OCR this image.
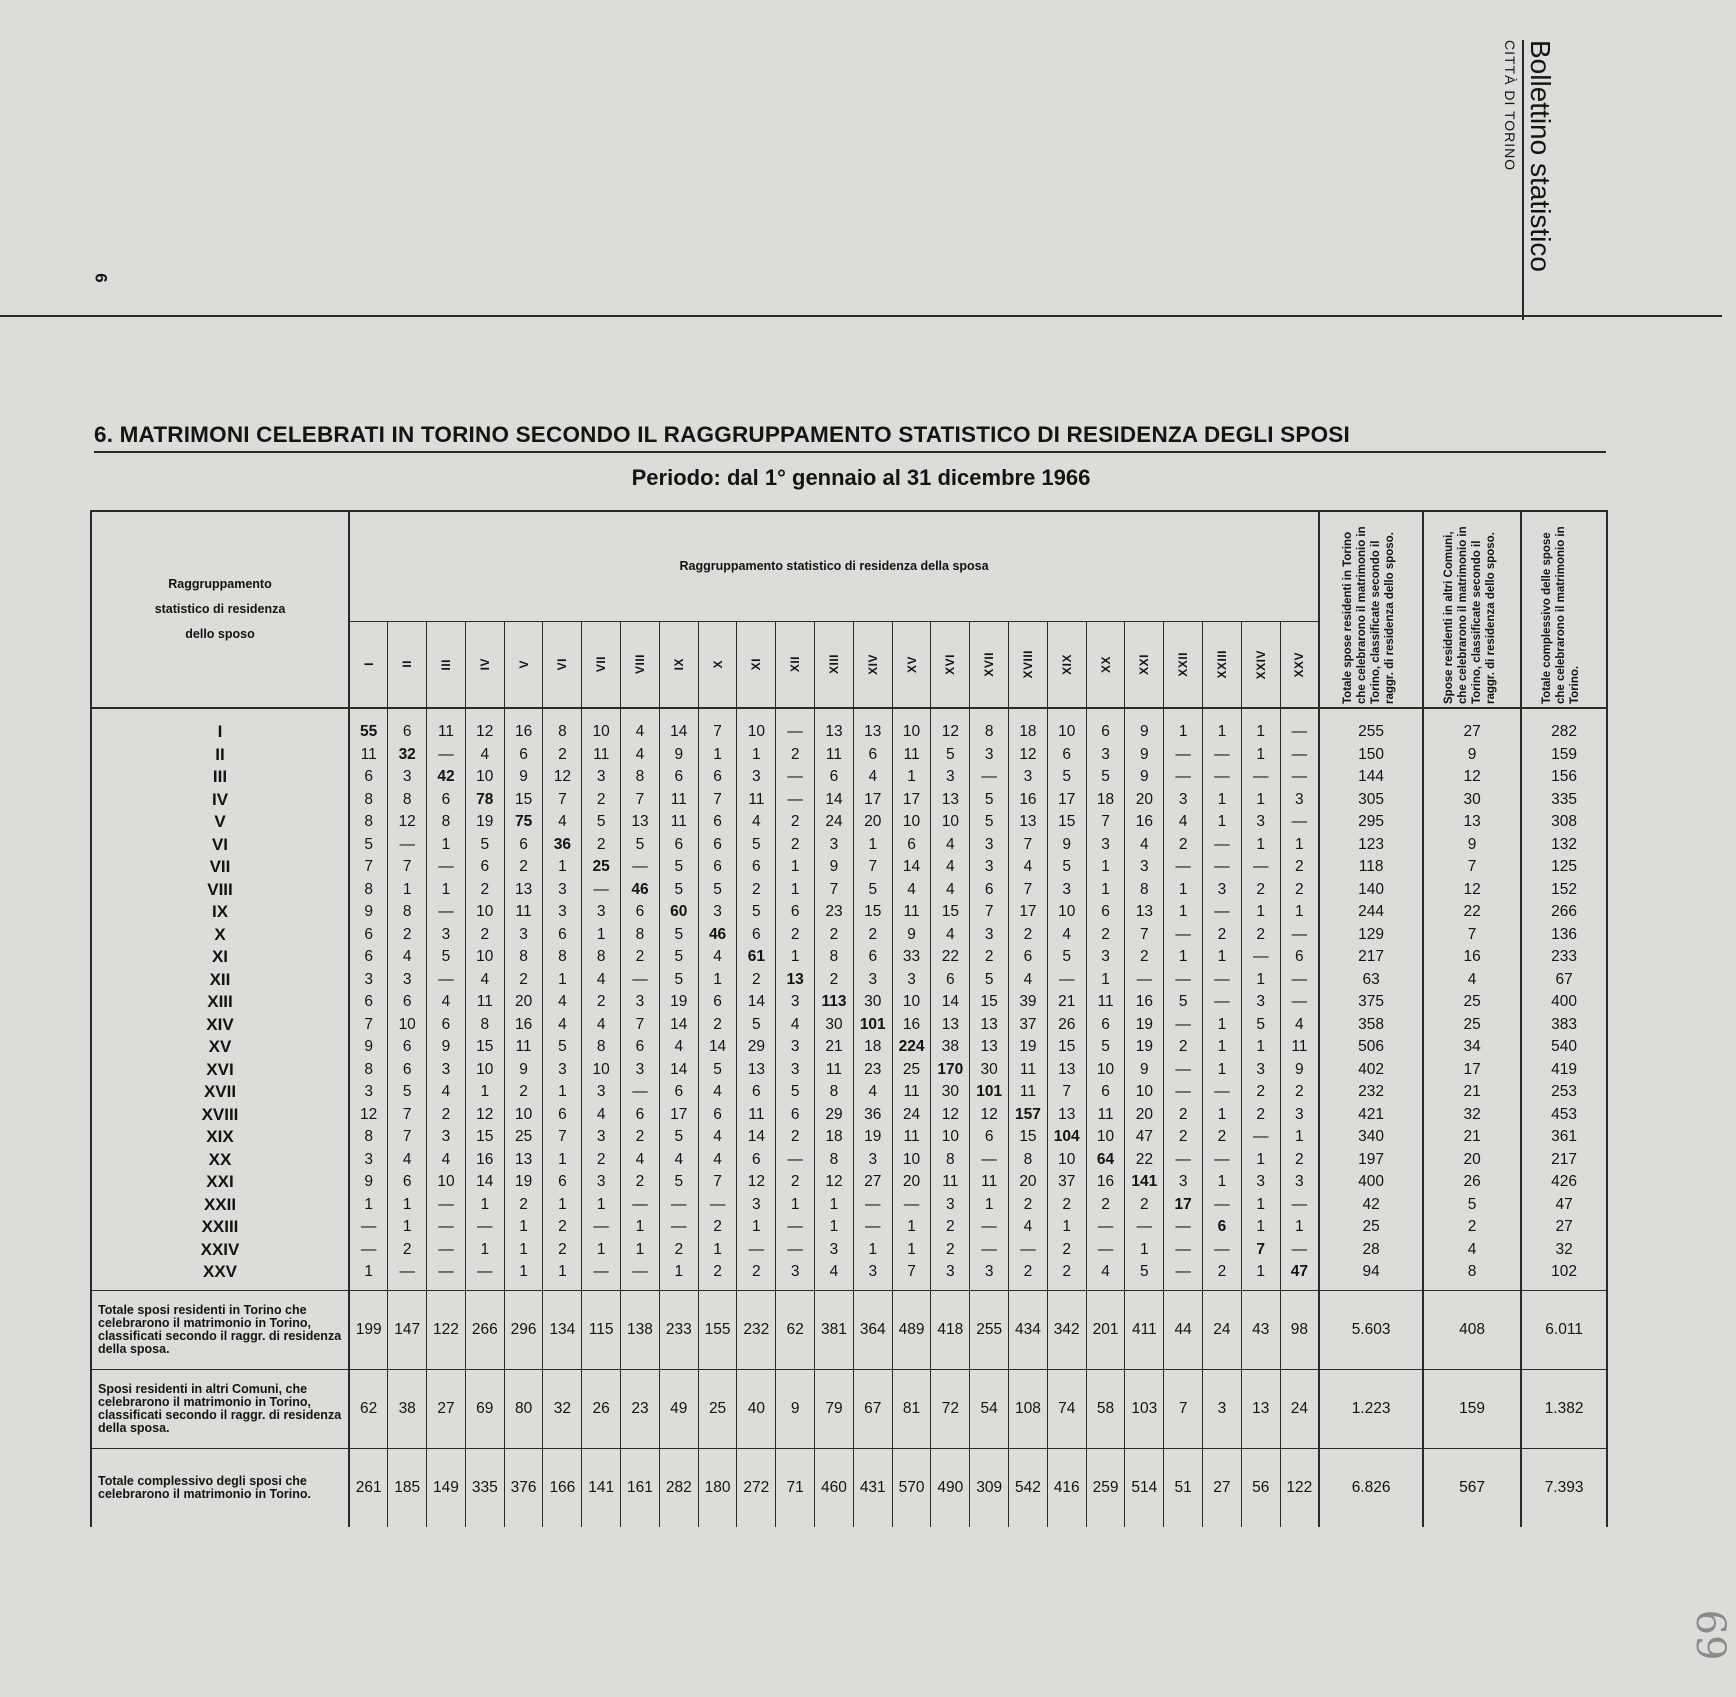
6
Bollettino statistico
CITTÀ DI TORINO
69
6. MATRIMONI CELEBRATI IN TORINO SECONDO IL RAGGRUPPAMENTO STATISTICO DI RESIDENZA DEGLI SPOSI
Periodo: dal 1° gennaio al 31 dicembre 1966
Raggruppamento
statistico di residenza
dello sposo	Raggruppamento statistico di residenza della sposa																									Totale spose residenti in Torino che celebrarono il matrimonio in Torino, classificate secondo il raggr. di residenza dello sposo.	Spose residenti in altri Comuni, che celebrarono il matrimonio in Torino, classificate secondo il raggr. di residenza dello sposo.	Totale complessivo delle spose che celebrarono il matrimonio in Torino.

	I	II	III	IV	V	VI	VII	VIII	IX	X	XI	XII	XIII	XIV	XV	XVI	XVII	XVIII	XIX	XX	XXI	XXII	XXIII	XXIV	XXV			

I	55	6	11	12	16	8	10	4	14	7	10	—	13	13	10	12	8	18	10	6	9	1	1	1	—	255	27	282
II	11	32	—	4	6	2	11	4	9	1	1	2	11	6	11	5	3	12	6	3	9	—	—	1	—	150	9	159
III	6	3	42	10	9	12	3	8	6	6	3	—	6	4	1	3	—	3	5	5	9	—	—	—	—	144	12	156
IV	8	8	6	78	15	7	2	7	11	7	11	—	14	17	17	13	5	16	17	18	20	3	1	1	3	305	30	335
V	8	12	8	19	75	4	5	13	11	6	4	2	24	20	10	10	5	13	15	7	16	4	1	3	—	295	13	308
VI	5	—	1	5	6	36	2	5	6	6	5	2	3	1	6	4	3	7	9	3	4	2	—	1	1	123	9	132
VII	7	7	—	6	2	1	25	—	5	6	6	1	9	7	14	4	3	4	5	1	3	—	—	—	2	118	7	125
VIII	8	1	1	2	13	3	—	46	5	5	2	1	7	5	4	4	6	7	3	1	8	1	3	2	2	140	12	152
IX	9	8	—	10	11	3	3	6	60	3	5	6	23	15	11	15	7	17	10	6	13	1	—	1	1	244	22	266
X	6	2	3	2	3	6	1	8	5	46	6	2	2	2	9	4	3	2	4	2	7	—	2	2	—	129	7	136
XI	6	4	5	10	8	8	8	2	5	4	61	1	8	6	33	22	2	6	5	3	2	1	1	—	6	217	16	233
XII	3	3	—	4	2	1	4	—	5	1	2	13	2	3	3	6	5	4	—	1	—	—	—	1	—	63	4	67
XIII	6	6	4	11	20	4	2	3	19	6	14	3	113	30	10	14	15	39	21	11	16	5	—	3	—	375	25	400
XIV	7	10	6	8	16	4	4	7	14	2	5	4	30	101	16	13	13	37	26	6	19	—	1	5	4	358	25	383
XV	9	6	9	15	11	5	8	6	4	14	29	3	21	18	224	38	13	19	15	5	19	2	1	1	11	506	34	540
XVI	8	6	3	10	9	3	10	3	14	5	13	3	11	23	25	170	30	11	13	10	9	—	1	3	9	402	17	419
XVII	3	5	4	1	2	1	3	—	6	4	6	5	8	4	11	30	101	11	7	6	10	—	—	2	2	232	21	253
XVIII	12	7	2	12	10	6	4	6	17	6	11	6	29	36	24	12	12	157	13	11	20	2	1	2	3	421	32	453
XIX	8	7	3	15	25	7	3	2	5	4	14	2	18	19	11	10	6	15	104	10	47	2	2	—	1	340	21	361
XX	3	4	4	16	13	1	2	4	4	4	6	—	8	3	10	8	—	8	10	64	22	—	—	1	2	197	20	217
XXI	9	6	10	14	19	6	3	2	5	7	12	2	12	27	20	11	11	20	37	16	141	3	1	3	3	400	26	426
XXII	1	1	—	1	2	1	1	—	—	—	3	1	1	—	—	3	1	2	2	2	2	17	—	1	—	42	5	47
XXIII	—	1	—	—	1	2	—	1	—	2	1	—	1	—	1	2	—	4	1	—	—	—	6	1	1	25	2	27
XXIV	—	2	—	1	1	2	1	1	2	1	—	—	3	1	1	2	—	—	2	—	1	—	—	7	—	28	4	32
XXV	1	—	—	—	1	1	—	—	1	2	2	3	4	3	7	3	3	2	2	4	5	—	2	1	47	94	8	102
Totale sposi residenti in Torino che celebrarono il matrimonio in Torino, classificati secondo il raggr. di residenza della sposa.	199	147	122	266	296	134	115	138	233	155	232	62	381	364	489	418	255	434	342	201	411	44	24	43	98	5.603	408	6.011
Sposi residenti in altri Comuni, che celebrarono il matrimonio in Torino, classificati secondo il raggr. di residenza della sposa.	62	38	27	69	80	32	26	23	49	25	40	9	79	67	81	72	54	108	74	58	103	7	3	13	24	1.223	159	1.382
Totale complessivo degli sposi che celebrarono il matrimonio in Torino.	261	185	149	335	376	166	141	161	282	180	272	71	460	431	570	490	309	542	416	259	514	51	27	56	122	6.826	567	7.393
